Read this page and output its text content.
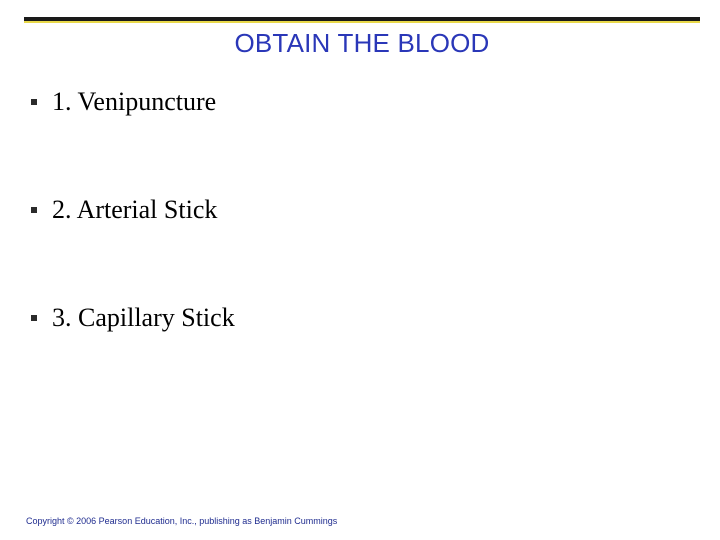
OBTAIN THE BLOOD
1. Venipuncture
2. Arterial Stick
3. Capillary Stick
Copyright © 2006 Pearson Education, Inc., publishing as Benjamin Cummings
